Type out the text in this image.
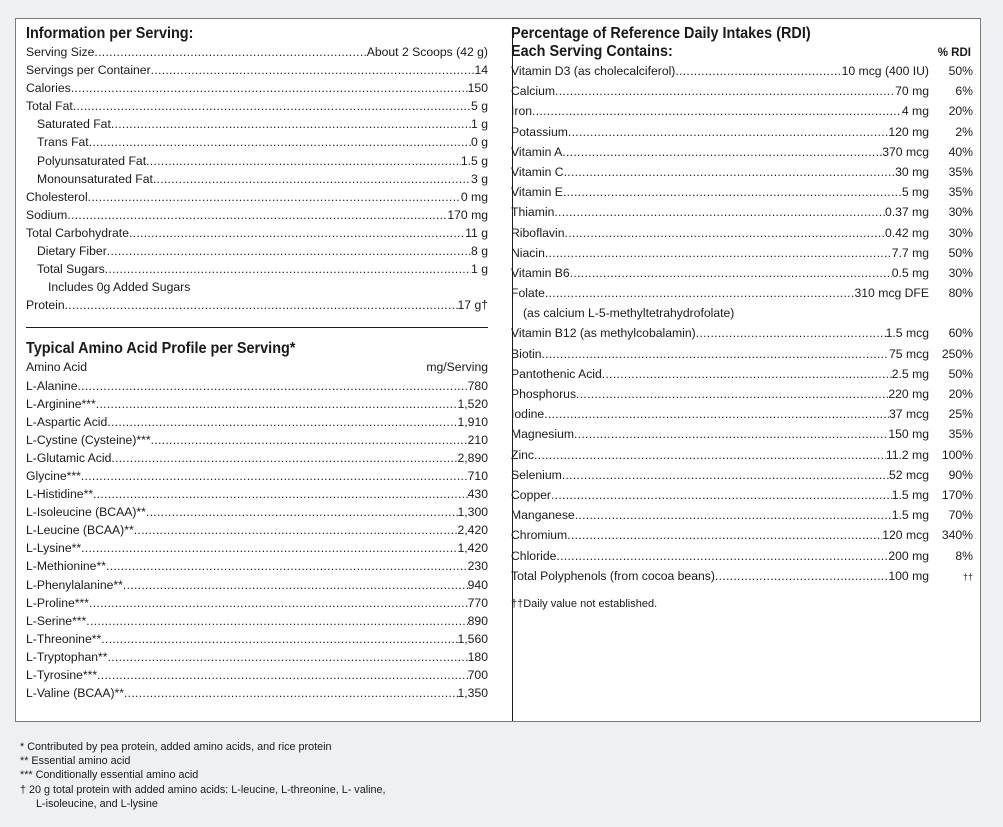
Information per Serving:
Serving Size .....	About 2 Scoops (42 g)
Servings per Container .....	14
Calories .....	150
Total Fat .....	5 g
Saturated Fat .....	1 g
Trans Fat .....	0 g
Polyunsaturated Fat .....	1.5 g
Monounsaturated Fat .....	3 g
Cholesterol .....	0 mg
Sodium .....	170 mg
Total Carbohydrate .....	11 g
Dietary Fiber .....	8 g
Total Sugars .....	1 g
Includes 0g Added Sugars
Protein .....	17 g†
Typical Amino Acid Profile per Serving*
Amino Acid	mg/Serving
L-Alanine .....	780
L-Arginine*** .....	1,520
L-Aspartic Acid .....	1,910
L-Cystine (Cysteine)*** .....	210
L-Glutamic Acid .....	2,890
Glycine*** .....	710
L-Histidine** .....	430
L-Isoleucine (BCAA)** .....	1,300
L-Leucine (BCAA)** .....	2,420
L-Lysine** .....	1,420
L-Methionine** .....	230
L-Phenylalanine** .....	940
L-Proline*** .....	770
L-Serine*** .....	890
L-Threonine** .....	1,560
L-Tryptophan** .....	180
L-Tyrosine*** .....	700
L-Valine (BCAA)** .....	1,350
Percentage of Reference Daily Intakes (RDI)
Each Serving Contains:	% RDI
Vitamin D3 (as cholecalciferol) .....	10 mcg (400 IU)	50%
Calcium .....	70 mg	6%
Iron .....	4 mg	20%
Potassium .....	120 mg	2%
Vitamin A .....	370 mcg	40%
Vitamin C .....	30 mg	35%
Vitamin E .....	5 mg	35%
Thiamin .....	0.37 mg	30%
Riboflavin .....	0.42 mg	30%
Niacin .....	7.7 mg	50%
Vitamin B6 .....	0.5 mg	30%
Folate .....	310 mcg DFE	80%
(as calcium L-5-methyltetrahydrofolate)
Vitamin B12 (as methylcobalamin) .....	1.5 mcg	60%
Biotin .....	75 mcg	250%
Pantothenic Acid .....	2.5 mg	50%
Phosphorus .....	220 mg	20%
Iodine .....	37 mcg	25%
Magnesium .....	150 mg	35%
Zinc .....	11.2 mg	100%
Selenium .....	52 mcg	90%
Copper .....	1.5 mg	170%
Manganese .....	1.5 mg	70%
Chromium .....	120 mcg	340%
Chloride .....	200 mg	8%
Total Polyphenols (from cocoa beans) .....	100 mg	††
††Daily value not established.
* Contributed by pea protein, added amino acids, and rice protein
** Essential amino acid
*** Conditionally essential amino acid
† 20 g total protein with added amino acids: L-leucine, L-threonine, L- valine,
L-isoleucine, and L-lysine
